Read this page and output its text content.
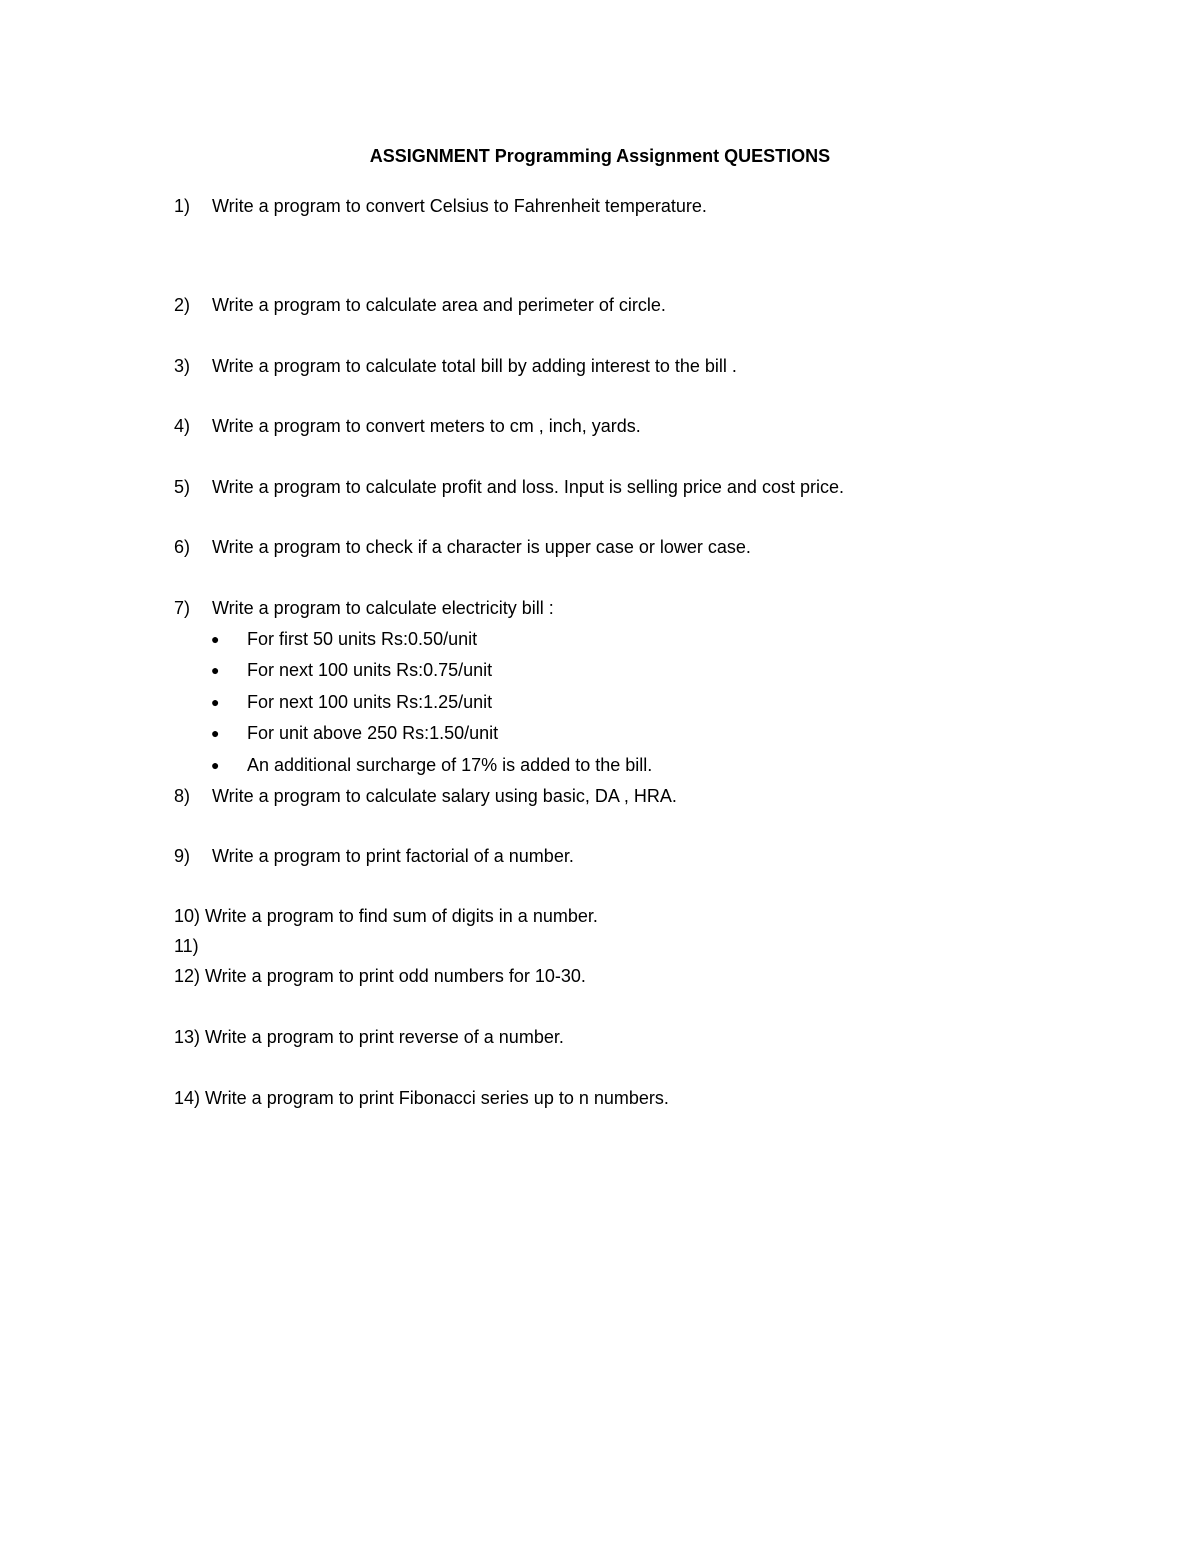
ASSIGNMENT Programming Assignment QUESTIONS
1) Write a program to convert Celsius to Fahrenheit temperature.
2) Write a program to calculate area and perimeter of circle.
3) Write a program to calculate total bill by adding interest to the bill .
4) Write a program to convert meters to cm , inch, yards.
5) Write a program to calculate profit and loss. Input is selling price and cost price.
6) Write a program to check if a character is upper case or lower case.
7) Write a program to calculate electricity bill :
● For first 50 units Rs:0.50/unit
● For next 100 units Rs:0.75/unit
● For next 100 units Rs:1.25/unit
● For unit above 250 Rs:1.50/unit
● An additional surcharge of 17% is added to the bill.
8) Write a program to calculate salary using basic, DA , HRA.
9) Write a program to print factorial of a number.
10) Write a program to find sum of digits in a number.
11)
12) Write a program to print odd numbers for 10-30.
13) Write a program to print reverse of a number.
14) Write a program to print Fibonacci series up to n numbers.
